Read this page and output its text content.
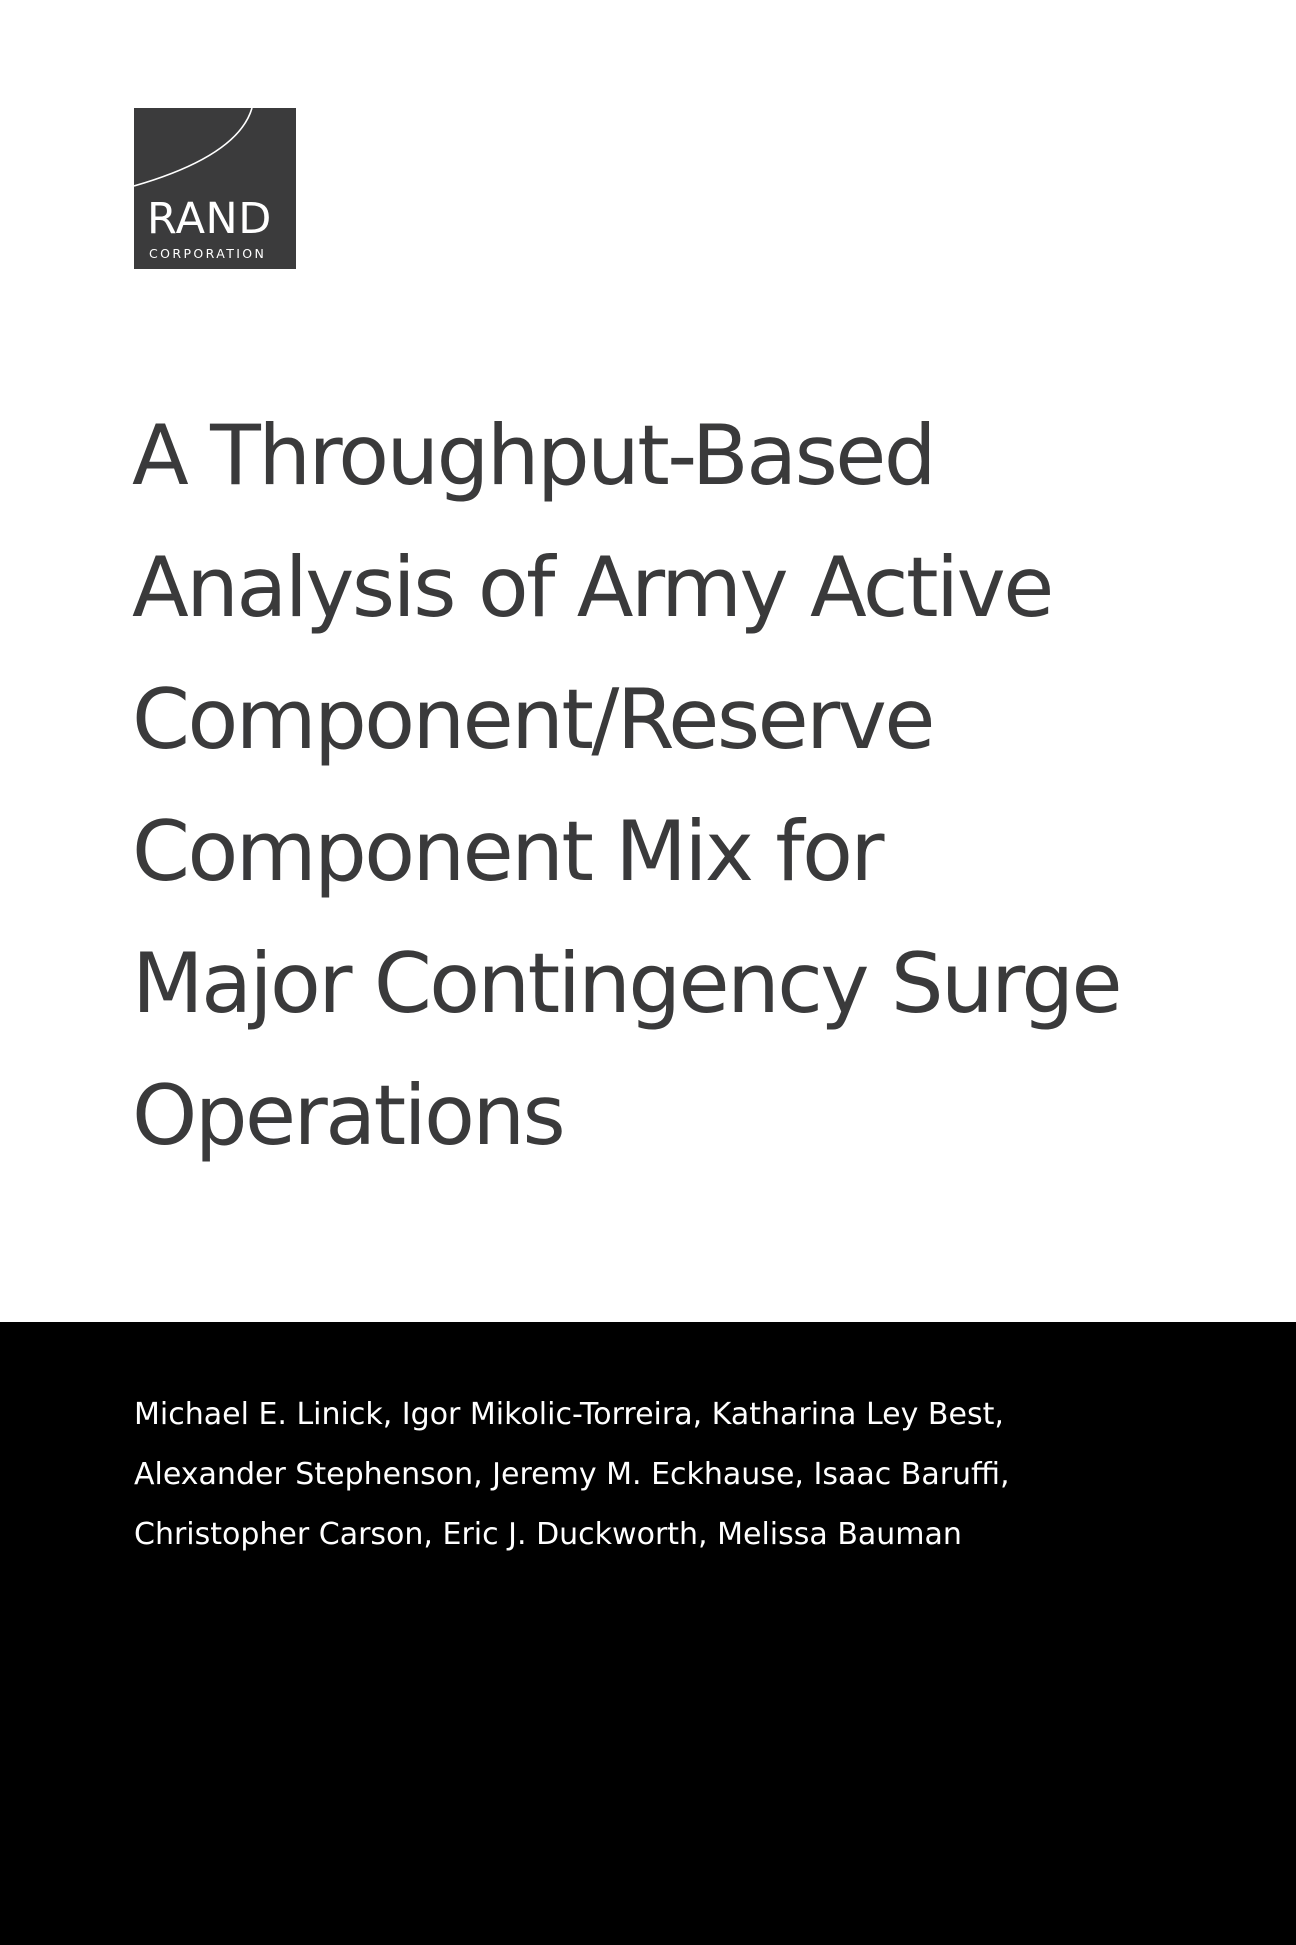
RAND
CORPORATION
A Throughput-Based
Analysis of Army Active
Component/Reserve
Component Mix for
Major Contingency Surge
Operations

Michael E. Linick, Igor Mikolic-Torreira, Katharina Ley Best,
Alexander Stephenson, Jeremy M. Eckhause, Isaac Baruffi,
Christopher Carson, Eric J. Duckworth, Melissa Bauman
